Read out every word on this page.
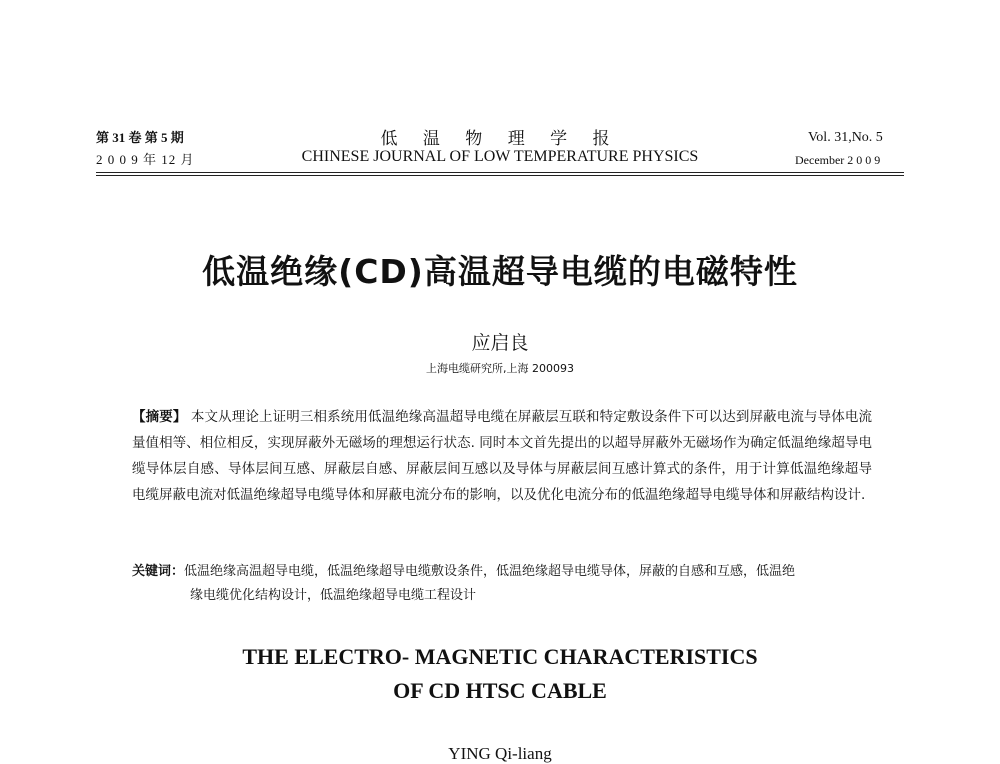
第 31 卷 第 5 期
2 0 0 9 年 12 月
低 温 物 理 学 报
CHINESE JOURNAL OF LOW TEMPERATURE PHYSICS
Vol. 31,No. 5
December 2 0 0 9
低温绝缘(CD)高温超导电缆的电磁特性
应启良
上海电缆研究所,上海 200093
【摘要】 本文从理论上证明三相系统用低温绝缘高温超导电缆在屏蔽层互联和特定敷设条件下可以达到屏蔽电流与导体电流量值相等、相位相反，实现屏蔽外无磁场的理想运行状态. 同时本文首先提出的以超导屏蔽外无磁场作为确定低温绝缘超导电缆导体层自感、导体层间互感、屏蔽层自感、屏蔽层间互感以及导体与屏蔽层间互感计算式的条件，用于计算低温绝缘超导电缆屏蔽电流对低温绝缘超导电缆导体和屏蔽电流分布的影响，以及优化电流分布的低温绝缘超导电缆导体和屏蔽结构设计.
关键词：低温绝缘高温超导电缆，低温绝缘超导电缆敷设条件，低温绝缘超导电缆导体，屏蔽的自感和互感，低温绝
缘电缆优化结构设计，低温绝缘超导电缆工程设计
THE ELECTRO- MAGNETIC CHARACTERISTICS
OF CD HTSC CABLE
YING Qi-liang
